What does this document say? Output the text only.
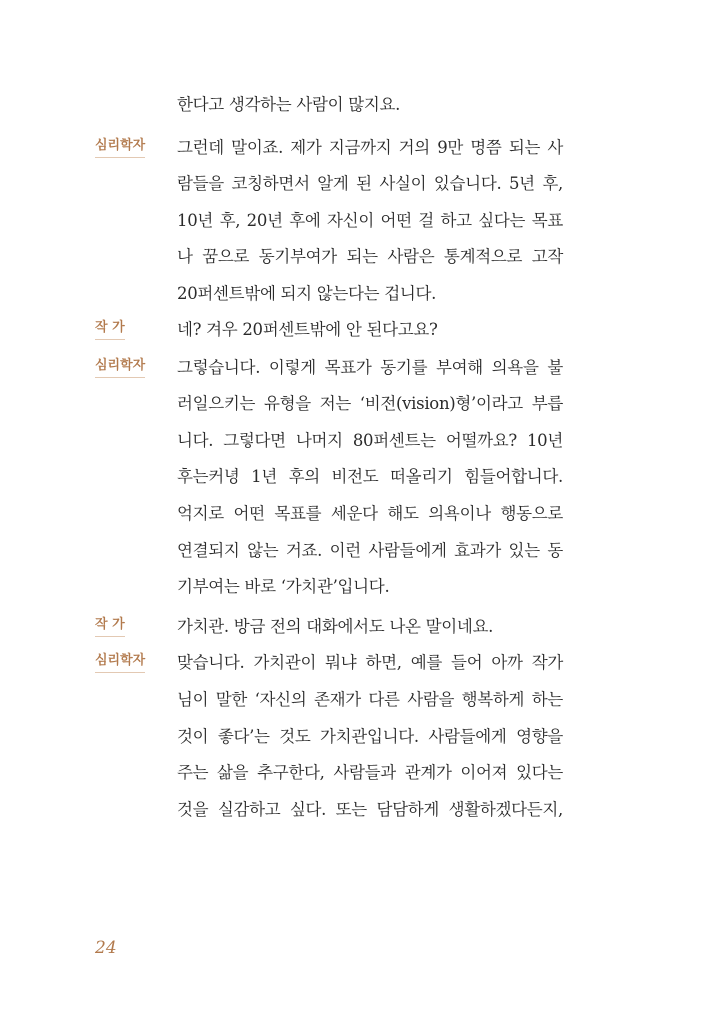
한다고 생각하는 사람이 많지요.
심리학자 그런데 말이죠. 제가 지금까지 거의 9만 명쯤 되는 사
람들을 코칭하면서 알게 된 사실이 있습니다. 5년 후,
10년 후, 20년 후에 자신이 어떤 걸 하고 싶다는 목표
나 꿈으로 동기부여가 되는 사람은 통계적으로 고작
20퍼센트밖에 되지 않는다는 겁니다.
작 가	네? 겨우 20퍼센트밖에 안 된다고요?
심리학자 그렇습니다. 이렇게 목표가 동기를 부여해 의욕을 불
러일으키는 유형을 저는 ‘비전(vision)형’이라고 부릅
니다. 그렇다면 나머지 80퍼센트는 어떨까요? 10년
후는커녕 1년 후의 비전도 떠올리기 힘들어합니다.
억지로 어떤 목표를 세운다 해도 의욕이나 행동으로
연결되지 않는 거죠. 이런 사람들에게 효과가 있는 동
기부여는 바로 ‘가치관’입니다.
작 가	가치관. 방금 전의 대화에서도 나온 말이네요.
심리학자 맞습니다. 가치관이 뭐냐 하면, 예를 들어 아까 작가
님이 말한 ‘자신의 존재가 다른 사람을 행복하게 하는
것이 좋다’는 것도 가치관입니다. 사람들에게 영향을
주는 삶을 추구한다, 사람들과 관계가 이어져 있다는
것을 실감하고 싶다. 또는 담담하게 생활하겠다든지,
24
